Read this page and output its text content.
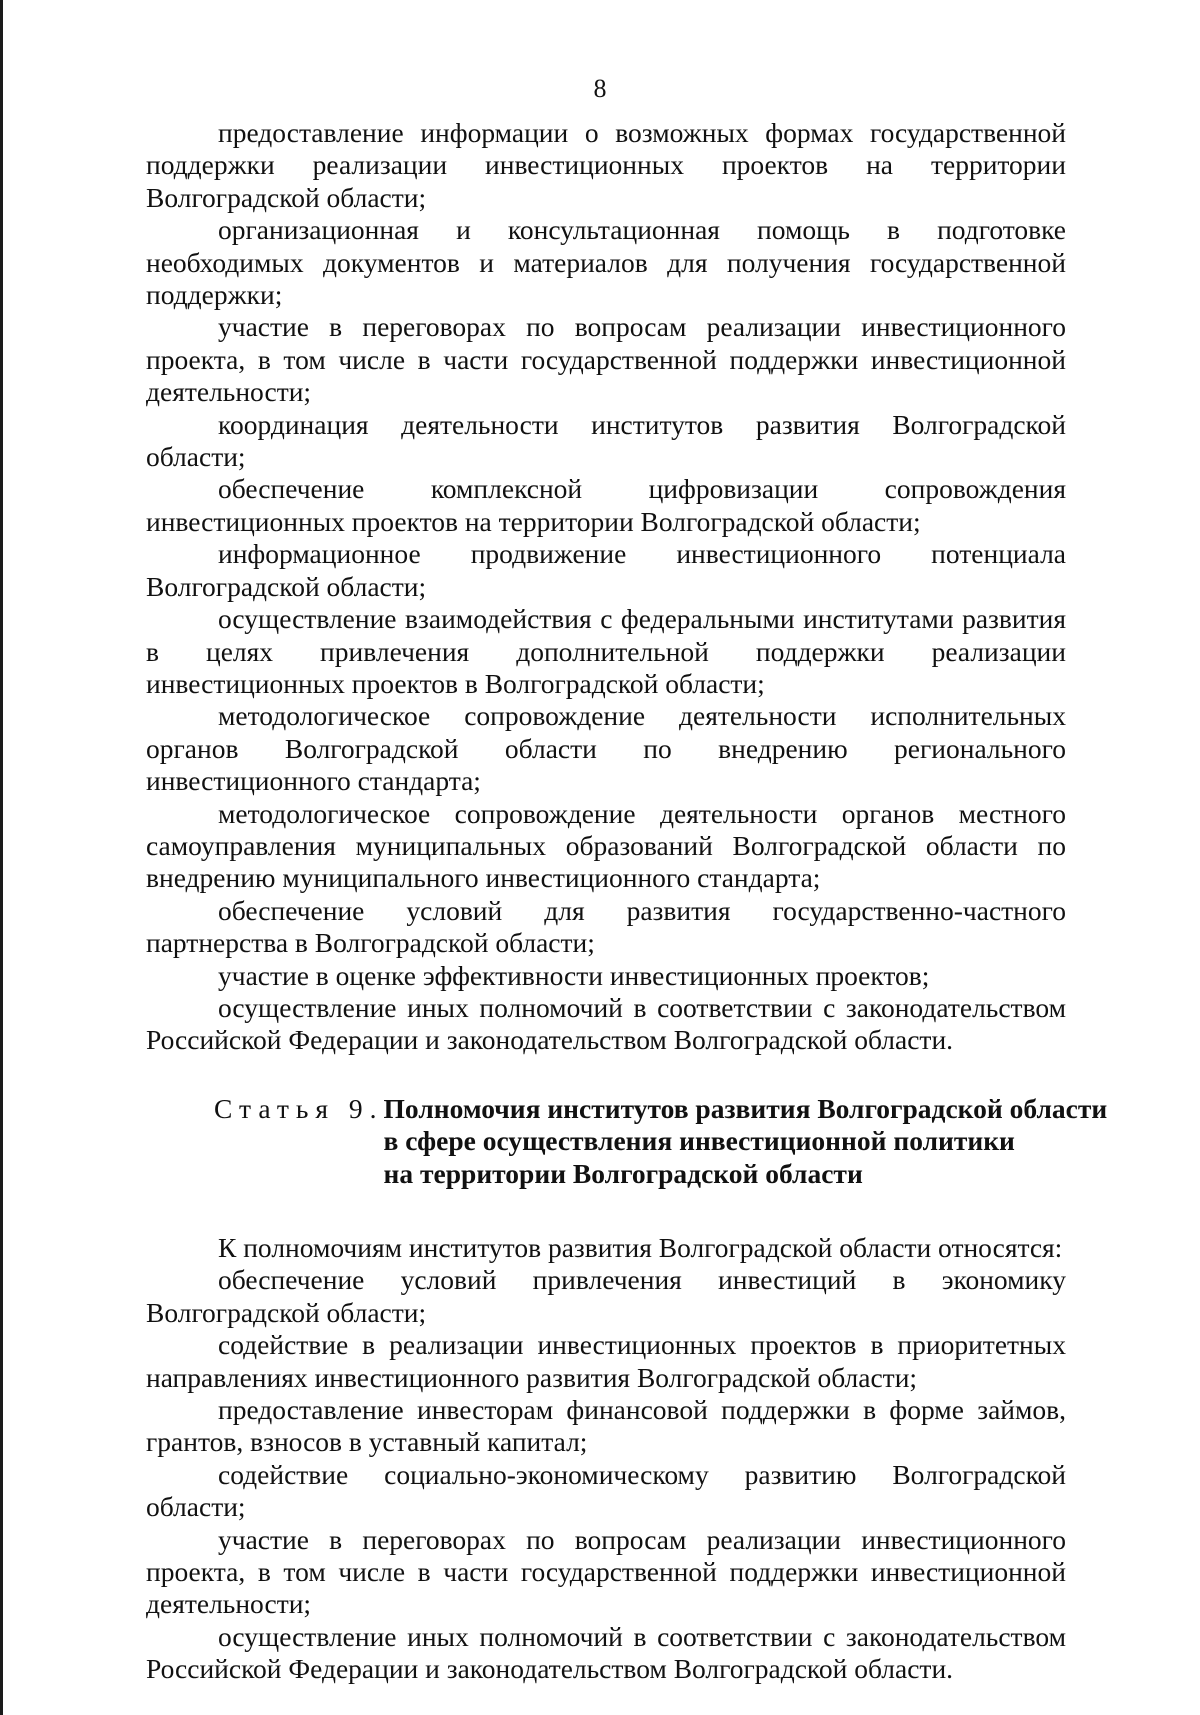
8

предоставление информации о возможных формах государственной поддержки реализации инвестиционных проектов на территории Волгоградской области;

организационная и консультационная помощь в подготовке необходимых документов и материалов для получения государственной поддержки;

участие в переговорах по вопросам реализации инвестиционного проекта, в том числе в части государственной поддержки инвестиционной деятельности;

координация деятельности институтов развития Волгоградской области;

обеспечение комплексной цифровизации сопровождения инвестиционных проектов на территории Волгоградской области;

информационное продвижение инвестиционного потенциала Волгоградской области;

осуществление взаимодействия с федеральными институтами развития в целях привлечения дополнительной поддержки реализации инвестиционных проектов в Волгоградской области;

методологическое сопровождение деятельности исполнительных органов Волгоградской области по внедрению регионального инвестиционного стандарта;

методологическое сопровождение деятельности органов местного самоуправления муниципальных образований Волгоградской области по внедрению муниципального инвестиционного стандарта;

обеспечение условий для развития государственно-частного партнерства в Волгоградской области;

участие в оценке эффективности инвестиционных проектов;

осуществление иных полномочий в соответствии с законодательством Российской Федерации и законодательством Волгоградской области.

Статья 9. Полномочия институтов развития Волгоградской области
в сфере осуществления инвестиционной политики
на территории Волгоградской области

К полномочиям институтов развития Волгоградской области относятся:

обеспечение условий привлечения инвестиций в экономику Волгоградской области;

содействие в реализации инвестиционных проектов в приоритетных направлениях инвестиционного развития Волгоградской области;

предоставление инвесторам финансовой поддержки в форме займов, грантов, взносов в уставный капитал;

содействие социально-экономическому развитию Волгоградской области;

участие в переговорах по вопросам реализации инвестиционного проекта, в том числе в части государственной поддержки инвестиционной деятельности;

осуществление иных полномочий в соответствии с законодательством Российской Федерации и законодательством Волгоградской области.
